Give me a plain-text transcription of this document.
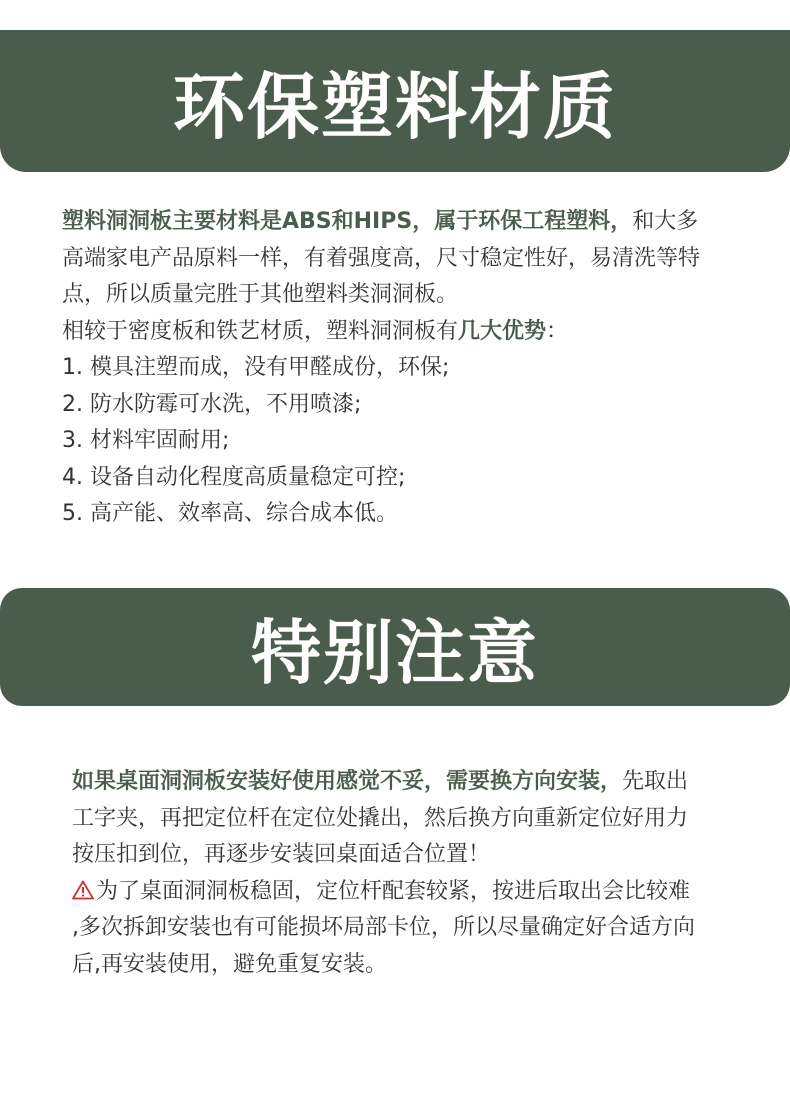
环保塑料材质
塑料洞洞板主要材料是ABS和HIPS，属于环保工程塑料，和大多
高端家电产品原料一样，有着强度高，尺寸稳定性好，易清洗等特
点，所以质量完胜于其他塑料类洞洞板。
相较于密度板和铁艺材质，塑料洞洞板有几大优势：
1. 模具注塑而成，没有甲醛成份，环保;
2. 防水防霉可水洗，不用喷漆;
3. 材料牢固耐用;
4. 设备自动化程度高质量稳定可控;
5. 高产能、效率高、综合成本低。
特别注意
如果桌面洞洞板安装好使用感觉不妥，需要换方向安装，先取出
工字夹，再把定位杆在定位处撬出，然后换方向重新定位好用力
按压扣到位，再逐步安装回桌面适合位置！
为了桌面洞洞板稳固，定位杆配套较紧，按进后取出会比较难
,多次拆卸安装也有可能损坏局部卡位，所以尽量确定好合适方向
后,再安装使用，避免重复安装。
